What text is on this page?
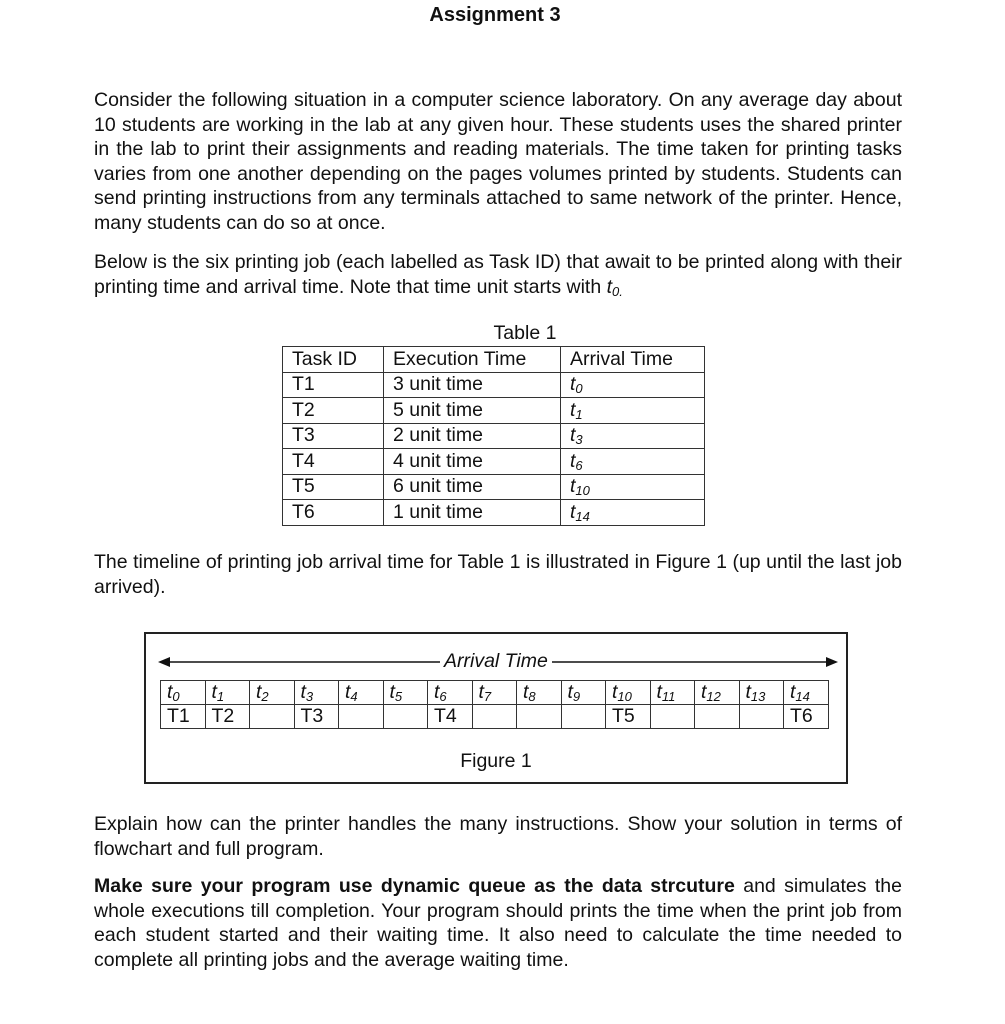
Assignment 3

Consider the following situation in a computer science laboratory. On any average day about 10 students are working in the lab at any given hour. These students uses the shared printer in the lab to print their assignments and reading materials. The time taken for printing tasks varies from one another depending on the pages volumes printed by students. Students can send printing instructions from any terminals attached to same network of the printer. Hence, many students can do so at once.

Below is the six printing job (each labelled as Task ID) that await to be printed along with their printing time and arrival time. Note that time unit starts with $t_{0.}$

Table 1
Task ID	Execution Time	Arrival Time
T1	3 unit time	$t_0$
T2	5 unit time	$t_1$
T3	2 unit time	$t_3$
T4	4 unit time	$t_6$
T5	6 unit time	$t_{10}$
T6	1 unit time	$t_{14}$

The timeline of printing job arrival time for Table 1 is illustrated in Figure 1 (up until the last job arrived).

Arrival Time
$t_0$	$t_1$	$t_2$	$t_3$	$t_4$	$t_5$	$t_6$	$t_7$	$t_8$	$t_9$	$t_{10}$	$t_{11}$	$t_{12}$	$t_{13}$	$t_{14}$
T1	T2		T3			T4				T5				T6
Figure 1

Explain how can the printer handles the many instructions. Show your solution in terms of flowchart and full program.

Make sure your program use dynamic queue as the data strcuture and simulates the whole executions till completion. Your program should prints the time when the print job from each student started and their waiting time. It also need to calculate the time needed to complete all printing jobs and the average waiting time.
